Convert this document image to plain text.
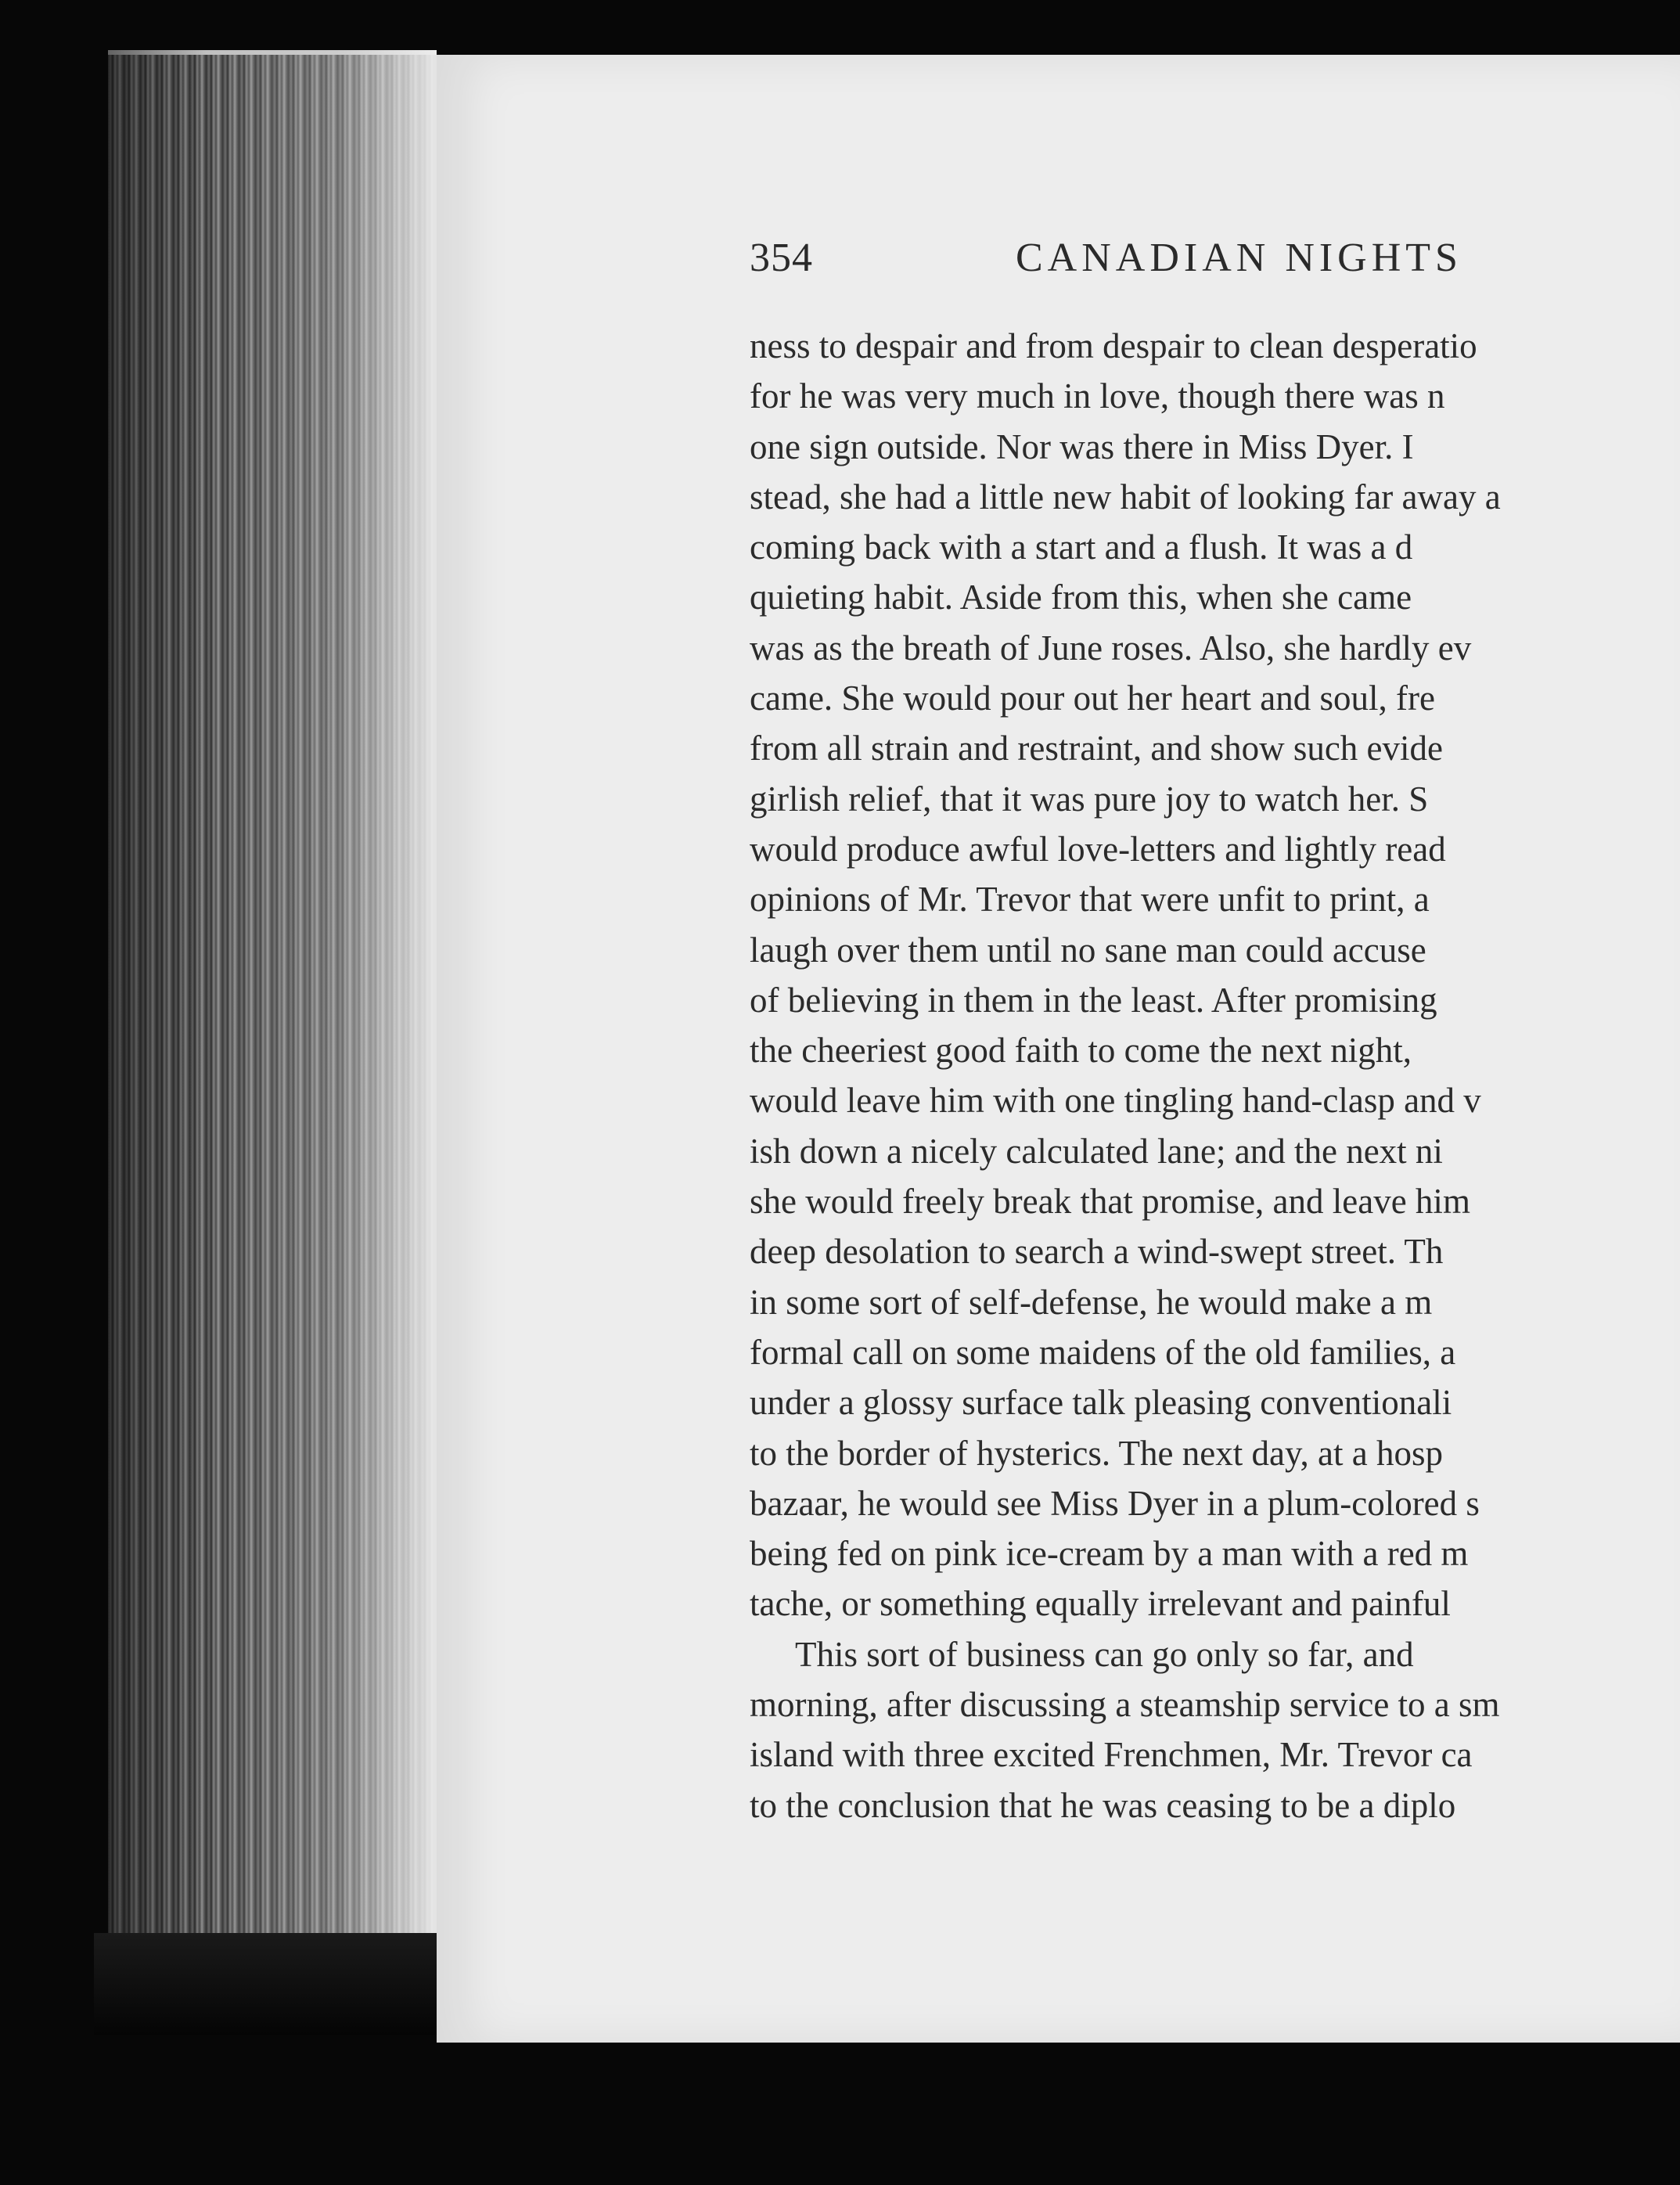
354	CANADIAN NIGHTS
ness to despair and from despair to clean desperatio
for he was very much in love, though there was n
one sign outside. Nor was there in Miss Dyer. I
stead, she had a little new habit of looking far away a
coming back with a start and a flush. It was a d
quieting habit. Aside from this, when she came
was as the breath of June roses. Also, she hardly ev
came. She would pour out her heart and soul, fre
from all strain and restraint, and show such evide
girlish relief, that it was pure joy to watch her. S
would produce awful love-letters and lightly read
opinions of Mr. Trevor that were unfit to print, a
laugh over them until no sane man could accuse
of believing in them in the least. After promising
the cheeriest good faith to come the next night,
would leave him with one tingling hand-clasp and v
ish down a nicely calculated lane; and the next ni
she would freely break that promise, and leave him
deep desolation to search a wind-swept street. Th
in some sort of self-defense, he would make a m
formal call on some maidens of the old families, a
under a glossy surface talk pleasing conventionali
to the border of hysterics. The next day, at a hosp
bazaar, he would see Miss Dyer in a plum-colored s
being fed on pink ice-cream by a man with a red m
tache, or something equally irrelevant and painful
This sort of business can go only so far, and
morning, after discussing a steamship service to a sm
island with three excited Frenchmen, Mr. Trevor ca
to the conclusion that he was ceasing to be a diplo
